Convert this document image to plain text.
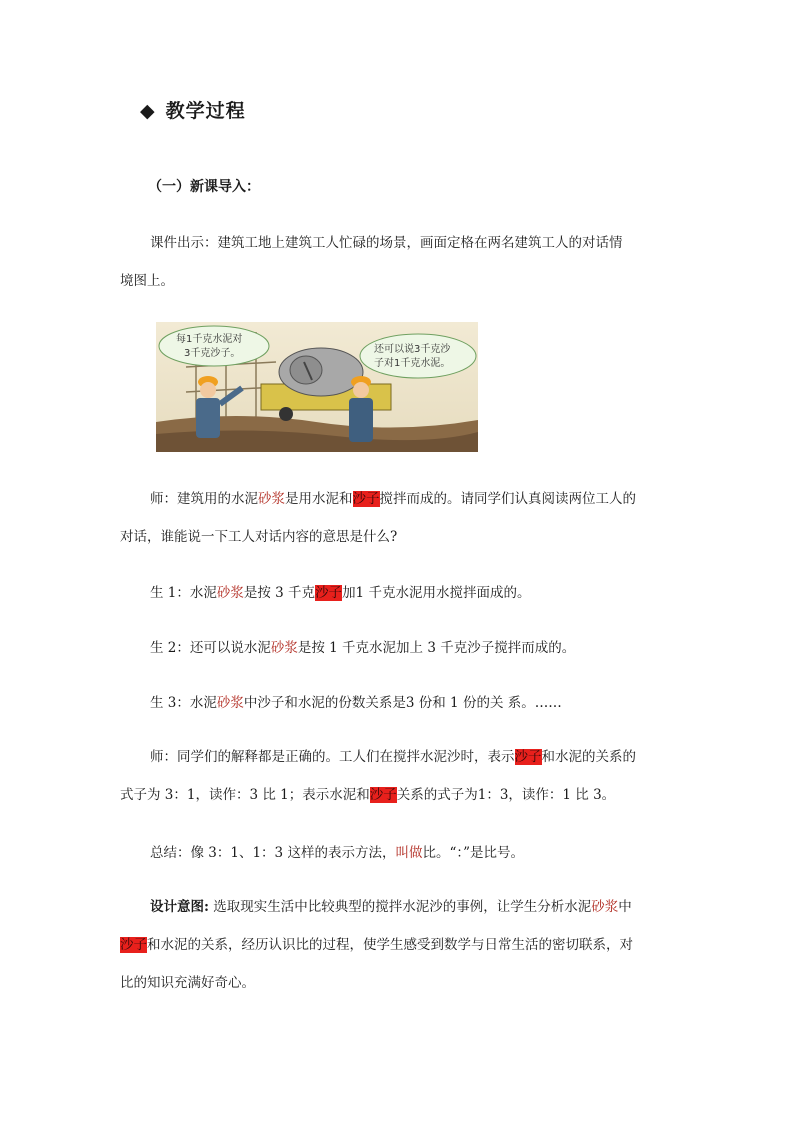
◆ 教学过程
（一）新课导入：
课件出示：建筑工地上建筑工人忙碌的场景，画面定格在两名建筑工人的对话情
境图上。
每1千克水泥对
3千克沙子。	还可以说3千克沙
子对1千克水泥。
师：建筑用的水泥砂浆是用水泥和沙子搅拌而成的。请同学们认真阅读两位工人的
对话，谁能说一下工人对话内容的意思是什么?
生 1：水泥砂浆是按 3 千克沙子加1 千克水泥用水搅拌面成的。
生 2：还可以说水泥砂浆是按 1 千克水泥加上 3 千克沙子搅拌而成的。
生 3：水泥砂浆中沙子和水泥的份数关系是3 份和 1 份的关 系。……
师：同学们的解释都是正确的。工人们在搅拌水泥沙时，表示沙子和水泥的关系的
式子为 3：1，读作：3 比 1；表示水泥和沙子关系的式子为1：3，读作：1 比 3。
总结：像 3：1、1：3 这样的表示方法，叫做比。“：”是比号。
设计意图: 选取现实生活中比较典型的搅拌水泥沙的事例，让学生分析水泥砂浆中
沙子和水泥的关系，经历认识比的过程，使学生感受到数学与日常生活的密切联系，对
比的知识充满好奇心。
